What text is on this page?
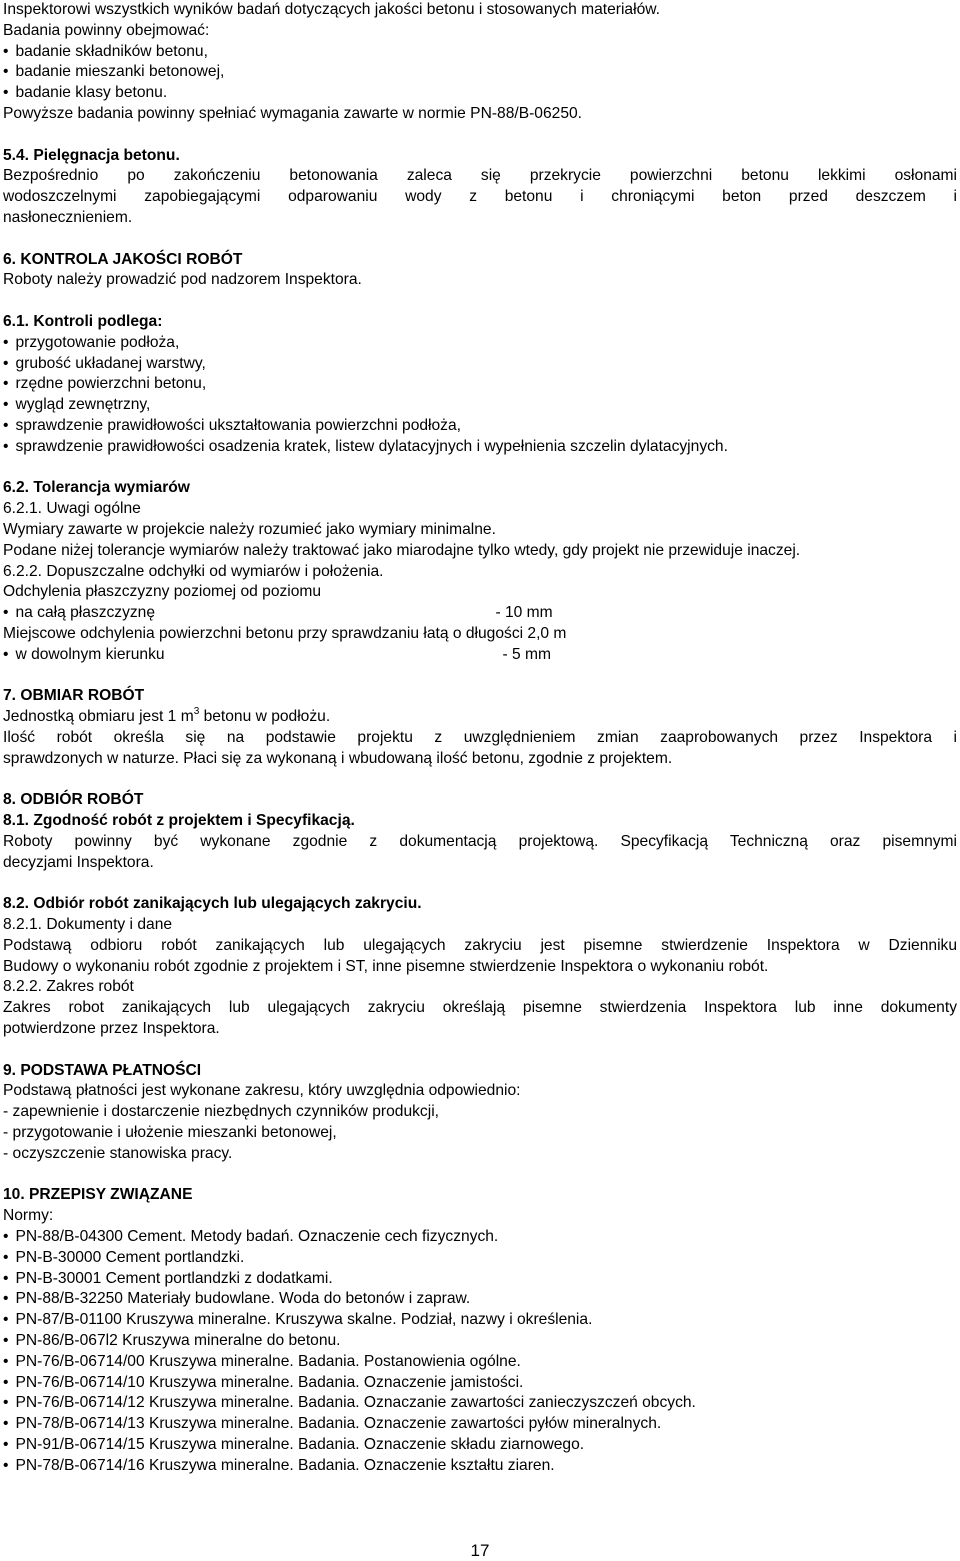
Inspektorowi wszystkich wyników badań dotyczących jakości betonu i stosowanych materiałów.
Badania powinny obejmować:
• badanie składników betonu,
• badanie mieszanki betonowej,
• badanie klasy betonu.
Powyższe badania powinny spełniać wymagania zawarte w normie PN-88/B-06250.
5.4. Pielęgnacja betonu.
Bezpośrednio po zakończeniu betonowania zaleca się przekrycie powierzchni betonu lekkimi osłonami
wodoszczelnymi zapobiegającymi odparowaniu wody z betonu i chroniącymi beton przed deszczem i
nasłonecznieniem.
6. KONTROLA JAKOŚCI ROBÓT
Roboty należy prowadzić pod nadzorem Inspektora.
6.1. Kontroli podlega:
• przygotowanie podłoża,
• grubość układanej warstwy,
• rzędne powierzchni betonu,
• wygląd zewnętrzny,
• sprawdzenie prawidłowości ukształtowania powierzchni podłoża,
• sprawdzenie prawidłowości osadzenia kratek, listew dylatacyjnych i wypełnienia szczelin dylatacyjnych.
6.2. Tolerancja wymiarów
6.2.1. Uwagi ogólne
Wymiary zawarte w projekcie należy rozumieć jako wymiary minimalne.
Podane niżej tolerancje wymiarów należy traktować jako miarodajne tylko wtedy, gdy projekt nie przewiduje inaczej.
6.2.2. Dopuszczalne odchyłki od wymiarów i położenia.
Odchylenia płaszczyzny poziomej od poziomu
• na całą płaszczyznę	- 10 mm
Miejscowe odchylenia powierzchni betonu przy sprawdzaniu łatą o długości 2,0 m
• w dowolnym kierunku	- 5 mm
7. OBMIAR ROBÓT
Jednostką obmiaru jest 1 $m^3$ betonu w podłożu.
Ilość robót określa się na podstawie projektu z uwzględnieniem zmian zaaprobowanych przez Inspektora i
sprawdzonych w naturze. Płaci się za wykonaną i wbudowaną ilość betonu, zgodnie z projektem.
8. ODBIÓR ROBÓT
8.1. Zgodność robót z projektem i Specyfikacją.
Roboty powinny być wykonane zgodnie z dokumentacją projektową. Specyfikacją Techniczną oraz pisemnymi
decyzjami Inspektora.
8.2. Odbiór robót zanikających lub ulegających zakryciu.
8.2.1. Dokumenty i dane
Podstawą odbioru robót zanikających lub ulegających zakryciu jest pisemne stwierdzenie Inspektora w Dzienniku
Budowy o wykonaniu robót zgodnie z projektem i ST, inne pisemne stwierdzenie Inspektora o wykonaniu robót.
8.2.2. Zakres robót
Zakres robot zanikających lub ulegających zakryciu określają pisemne stwierdzenia Inspektora lub inne dokumenty
potwierdzone przez Inspektora.
9. PODSTAWA PŁATNOŚCI
Podstawą płatności jest wykonane zakresu, który uwzględnia odpowiednio:
- zapewnienie i dostarczenie niezbędnych czynników produkcji,
- przygotowanie i ułożenie mieszanki betonowej,
- oczyszczenie stanowiska pracy.
10. PRZEPISY ZWIĄZANE
Normy:
• PN-88/B-04300 Cement. Metody badań. Oznaczenie cech fizycznych.
• PN-B-30000 Cement portlandzki.
• PN-B-30001 Cement portlandzki z dodatkami.
• PN-88/B-32250 Materiały budowlane. Woda do betonów i zapraw.
• PN-87/B-01100 Kruszywa mineralne. Kruszywa skalne. Podział, nazwy i określenia.
• PN-86/B-067l2 Kruszywa mineralne do betonu.
• PN-76/B-06714/00 Kruszywa mineralne. Badania. Postanowienia ogólne.
• PN-76/B-06714/10 Kruszywa mineralne. Badania. Oznaczenie jamistości.
• PN-76/B-06714/12 Kruszywa mineralne. Badania. Oznaczanie zawartości zanieczyszczeń obcych.
• PN-78/B-06714/13 Kruszywa mineralne. Badania. Oznaczenie zawartości pyłów mineralnych.
• PN-91/B-06714/15 Kruszywa mineralne. Badania. Oznaczenie składu ziarnowego.
• PN-78/B-06714/16 Kruszywa mineralne. Badania. Oznaczenie kształtu ziaren.
17
